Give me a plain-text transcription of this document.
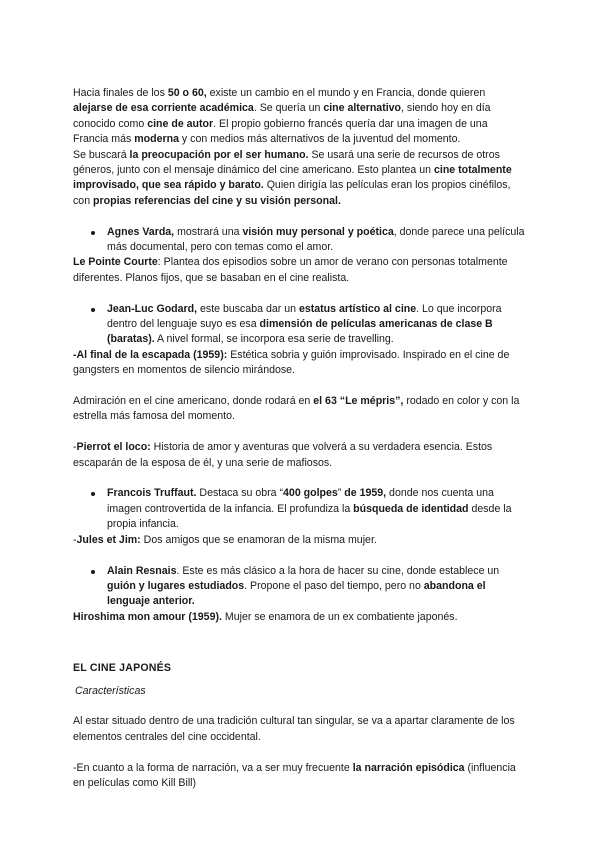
Hacia finales de los 50 o 60, existe un cambio en el mundo y en Francia, donde quieren alejarse de esa corriente académica. Se quería un cine alternativo, siendo hoy en día conocido como cine de autor. El propio gobierno francés quería dar una imagen de una Francia más moderna y con medios más alternativos de la juventud del momento.

Se buscará la preocupación por el ser humano. Se usará una serie de recursos de otros géneros, junto con el mensaje dinámico del cine americano. Esto plantea un cine totalmente improvisado, que sea rápido y barato. Quien dirigía las películas eran los propios cinéfilos, con propias referencias del cine y su visión personal.

Agnes Varda, mostrará una visión muy personal y poética, donde parece una película más documental, pero con temas como el amor.

Le Pointe Courte: Plantea dos episodios sobre un amor de verano con personas totalmente diferentes. Planos fijos, que se basaban en el cine realista.

Jean-Luc Godard, este buscaba dar un estatus artístico al cine. Lo que incorpora dentro del lenguaje suyo es esa dimensión de películas americanas de clase B (baratas). A nivel formal, se incorpora esa serie de travelling.

-Al final de la escapada (1959): Estética sobria y guión improvisado. Inspirado en el cine de gangsters en momentos de silencio mirándose.

Admiración en el cine americano, donde rodará en el 63 “Le mépris”, rodado en color y con la estrella más famosa del momento.

-Pierrot el loco: Historia de amor y aventuras que volverá a su verdadera esencia. Estos escaparán de la esposa de él, y una serie de mafiosos.

Francois Truffaut. Destaca su obra “400 golpes” de 1959, donde nos cuenta una imagen controvertida de la infancia. El profundiza la búsqueda de identidad desde la propia infancia.

-Jules et Jim: Dos amigos que se enamoran de la misma mujer.

Alain Resnais. Este es más clásico a la hora de hacer su cine, donde establece un guión y lugares estudiados. Propone el paso del tiempo, pero no abandona el lenguaje anterior.

Hiroshima mon amour (1959). Mujer se enamora de un ex combatiente japonés.

EL CINE JAPONÉS

Características

Al estar situado dentro de una tradición cultural tan singular, se va a apartar claramente de los elementos centrales del cine occidental.

-En cuanto a la forma de narración, va a ser muy frecuente la narración episódica (influencia en películas como Kill Bill)
